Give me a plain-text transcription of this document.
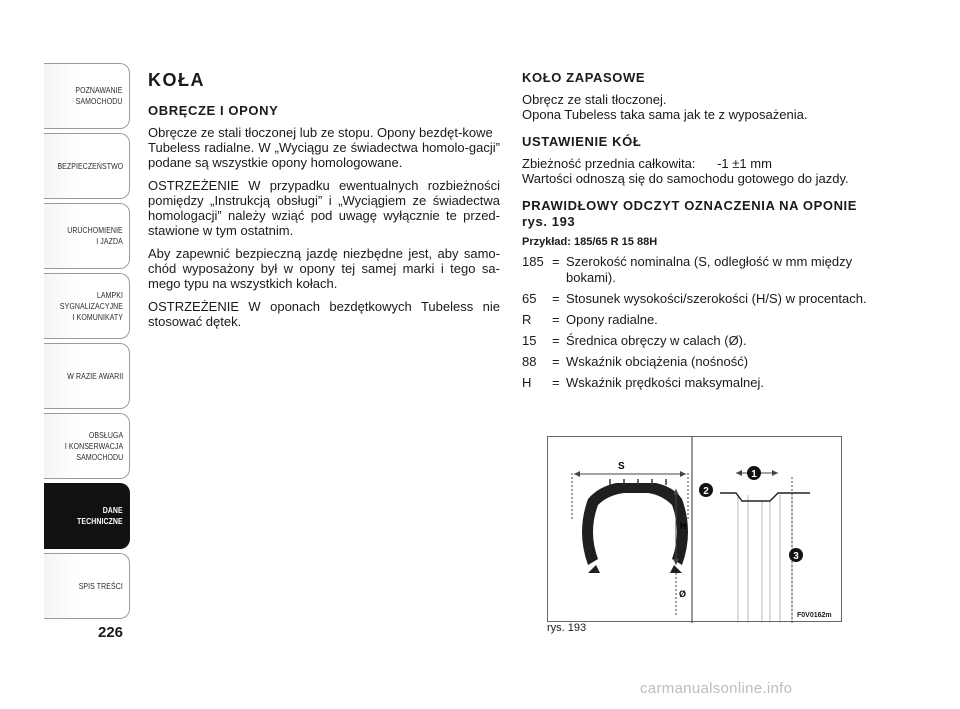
POZNAWANIE
SAMOCHODU
BEZPIECZEŃSTWO
URUCHOMIENIE
I JAZDA
LAMPKI
SYGNALIZACYJNE
I KOMUNIKATY
W RAZIE AWARII
OBSŁUGA
I KONSERWACJA
SAMOCHODU
DANE
TECHNICZNE
SPIS TREŚCI
226
KOŁA
OBRĘCZE I OPONY

Obręcze ze stali tłoczonej lub ze stopu. Opony bezdęt-kowe

Tubeless radialne. W „Wyciągu ze świadectwa homolo-gacji” podane są wszystkie opony homologowane.

OSTRZEŻENIE W przypadku ewentualnych rozbieżności pomiędzy „Instrukcją obsługi” i „Wyciągiem ze świadectwa homologacji” należy wziąć pod uwagę wyłącznie te przed-stawione w tym ostatnim.

Aby zapewnić bezpieczną jazdę niezbędne jest, aby samo-chód wyposażony był w opony tej samej marki i tego sa-mego typu na wszystkich kołach.

OSTRZEŻENIE W oponach bezdętkowych Tubeless nie stosować dętek.

KOŁO ZAPASOWE

Obręcz ze stali tłoczonej.

Opona Tubeless taka sama jak te z wyposażenia.

USTAWIENIE KÓŁ

Zbieżność przednia całkowita:      -1 ±1 mm

Wartości odnoszą się do samochodu gotowego do jazdy.

PRAWIDŁOWY ODCZYT OZNACZENIA NA OPONIE rys. 193
Przykład: 185/65 R 15 88H
185 = Szerokość nominalna (S, odległość w mm między bokami).
65	= Stosunek wysokości/szerokości (H/S) w procentach.
R	= Opony radialne.
15	= Średnica obręczy w calach (Ø).
88	= Wskaźnik obciążenia (nośność)
H	= Wskaźnik prędkości maksymalnej.
S
H
Ø
1
2
3
rys. 193
F0V0162m
carmanualsonline.info
